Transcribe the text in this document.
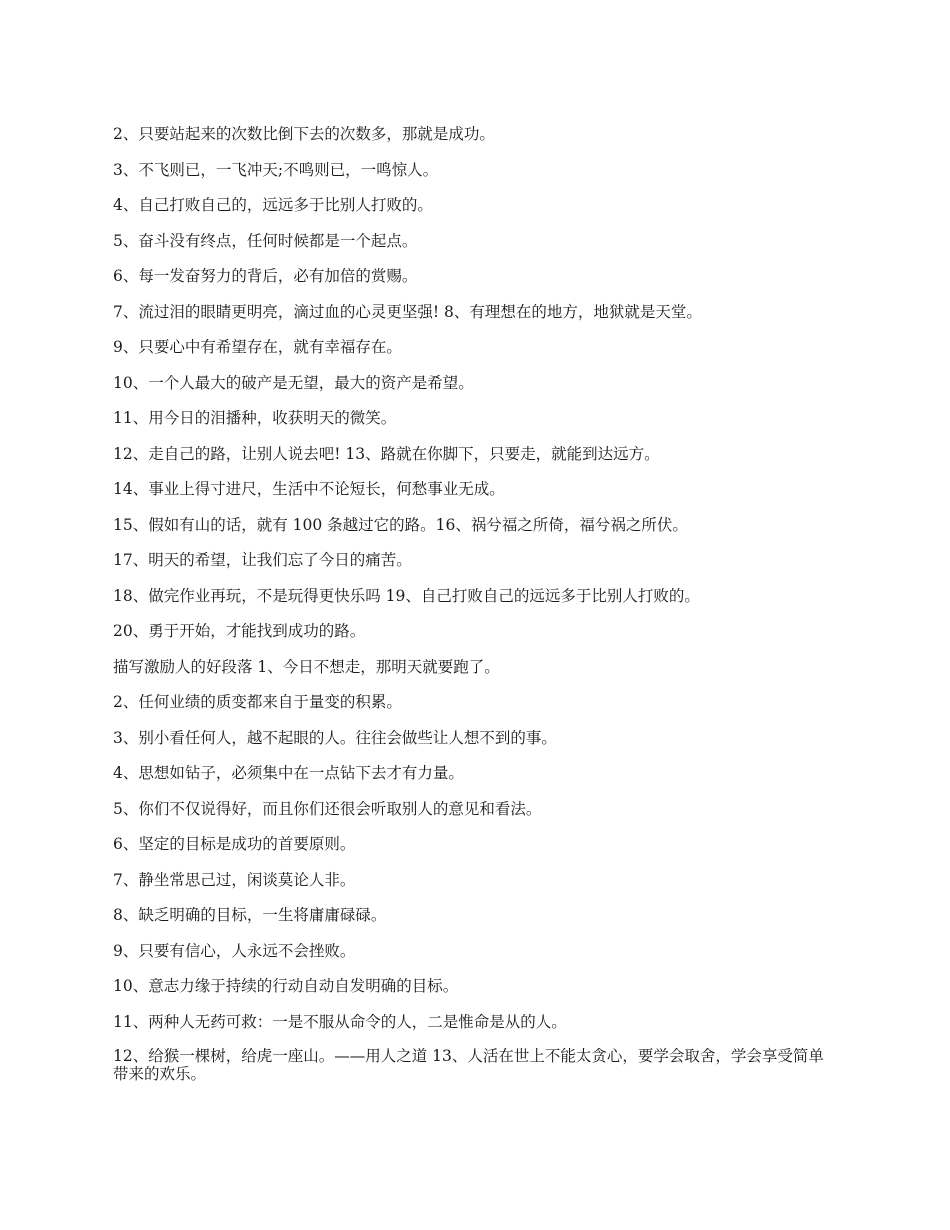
2、只要站起来的次数比倒下去的次数多，那就是成功。
3、不飞则已，一飞冲天;不鸣则已，一鸣惊人。
4、自己打败自己的，远远多于比别人打败的。
5、奋斗没有终点，任何时候都是一个起点。
6、每一发奋努力的背后，必有加倍的赏赐。
7、流过泪的眼睛更明亮，滴过血的心灵更坚强! 8、有理想在的地方，地狱就是天堂。
9、只要心中有希望存在，就有幸福存在。
10、一个人最大的破产是无望，最大的资产是希望。
11、用今日的泪播种，收获明天的微笑。
12、走自己的路，让别人说去吧! 13、路就在你脚下，只要走，就能到达远方。
14、事业上得寸进尺，生活中不论短长，何愁事业无成。
15、假如有山的话，就有 100 条越过它的路。16、祸兮福之所倚，福兮祸之所伏。
17、明天的希望，让我们忘了今日的痛苦。
18、做完作业再玩，不是玩得更快乐吗 19、自己打败自己的远远多于比别人打败的。
20、勇于开始，才能找到成功的路。
描写激励人的好段落 1、今日不想走，那明天就要跑了。
2、任何业绩的质变都来自于量变的积累。
3、别小看任何人，越不起眼的人。往往会做些让人想不到的事。
4、思想如钻子，必须集中在一点钻下去才有力量。
5、你们不仅说得好，而且你们还很会听取别人的意见和看法。
6、坚定的目标是成功的首要原则。
7、静坐常思己过，闲谈莫论人非。
8、缺乏明确的目标，一生将庸庸碌碌。
9、只要有信心，人永远不会挫败。
10、意志力缘于持续的行动自动自发明确的目标。
11、两种人无药可救：一是不服从命令的人，二是惟命是从的人。
12、给猴一棵树，给虎一座山。——用人之道 13、人活在世上不能太贪心，要学会取舍，学会享受简单带来的欢乐。
